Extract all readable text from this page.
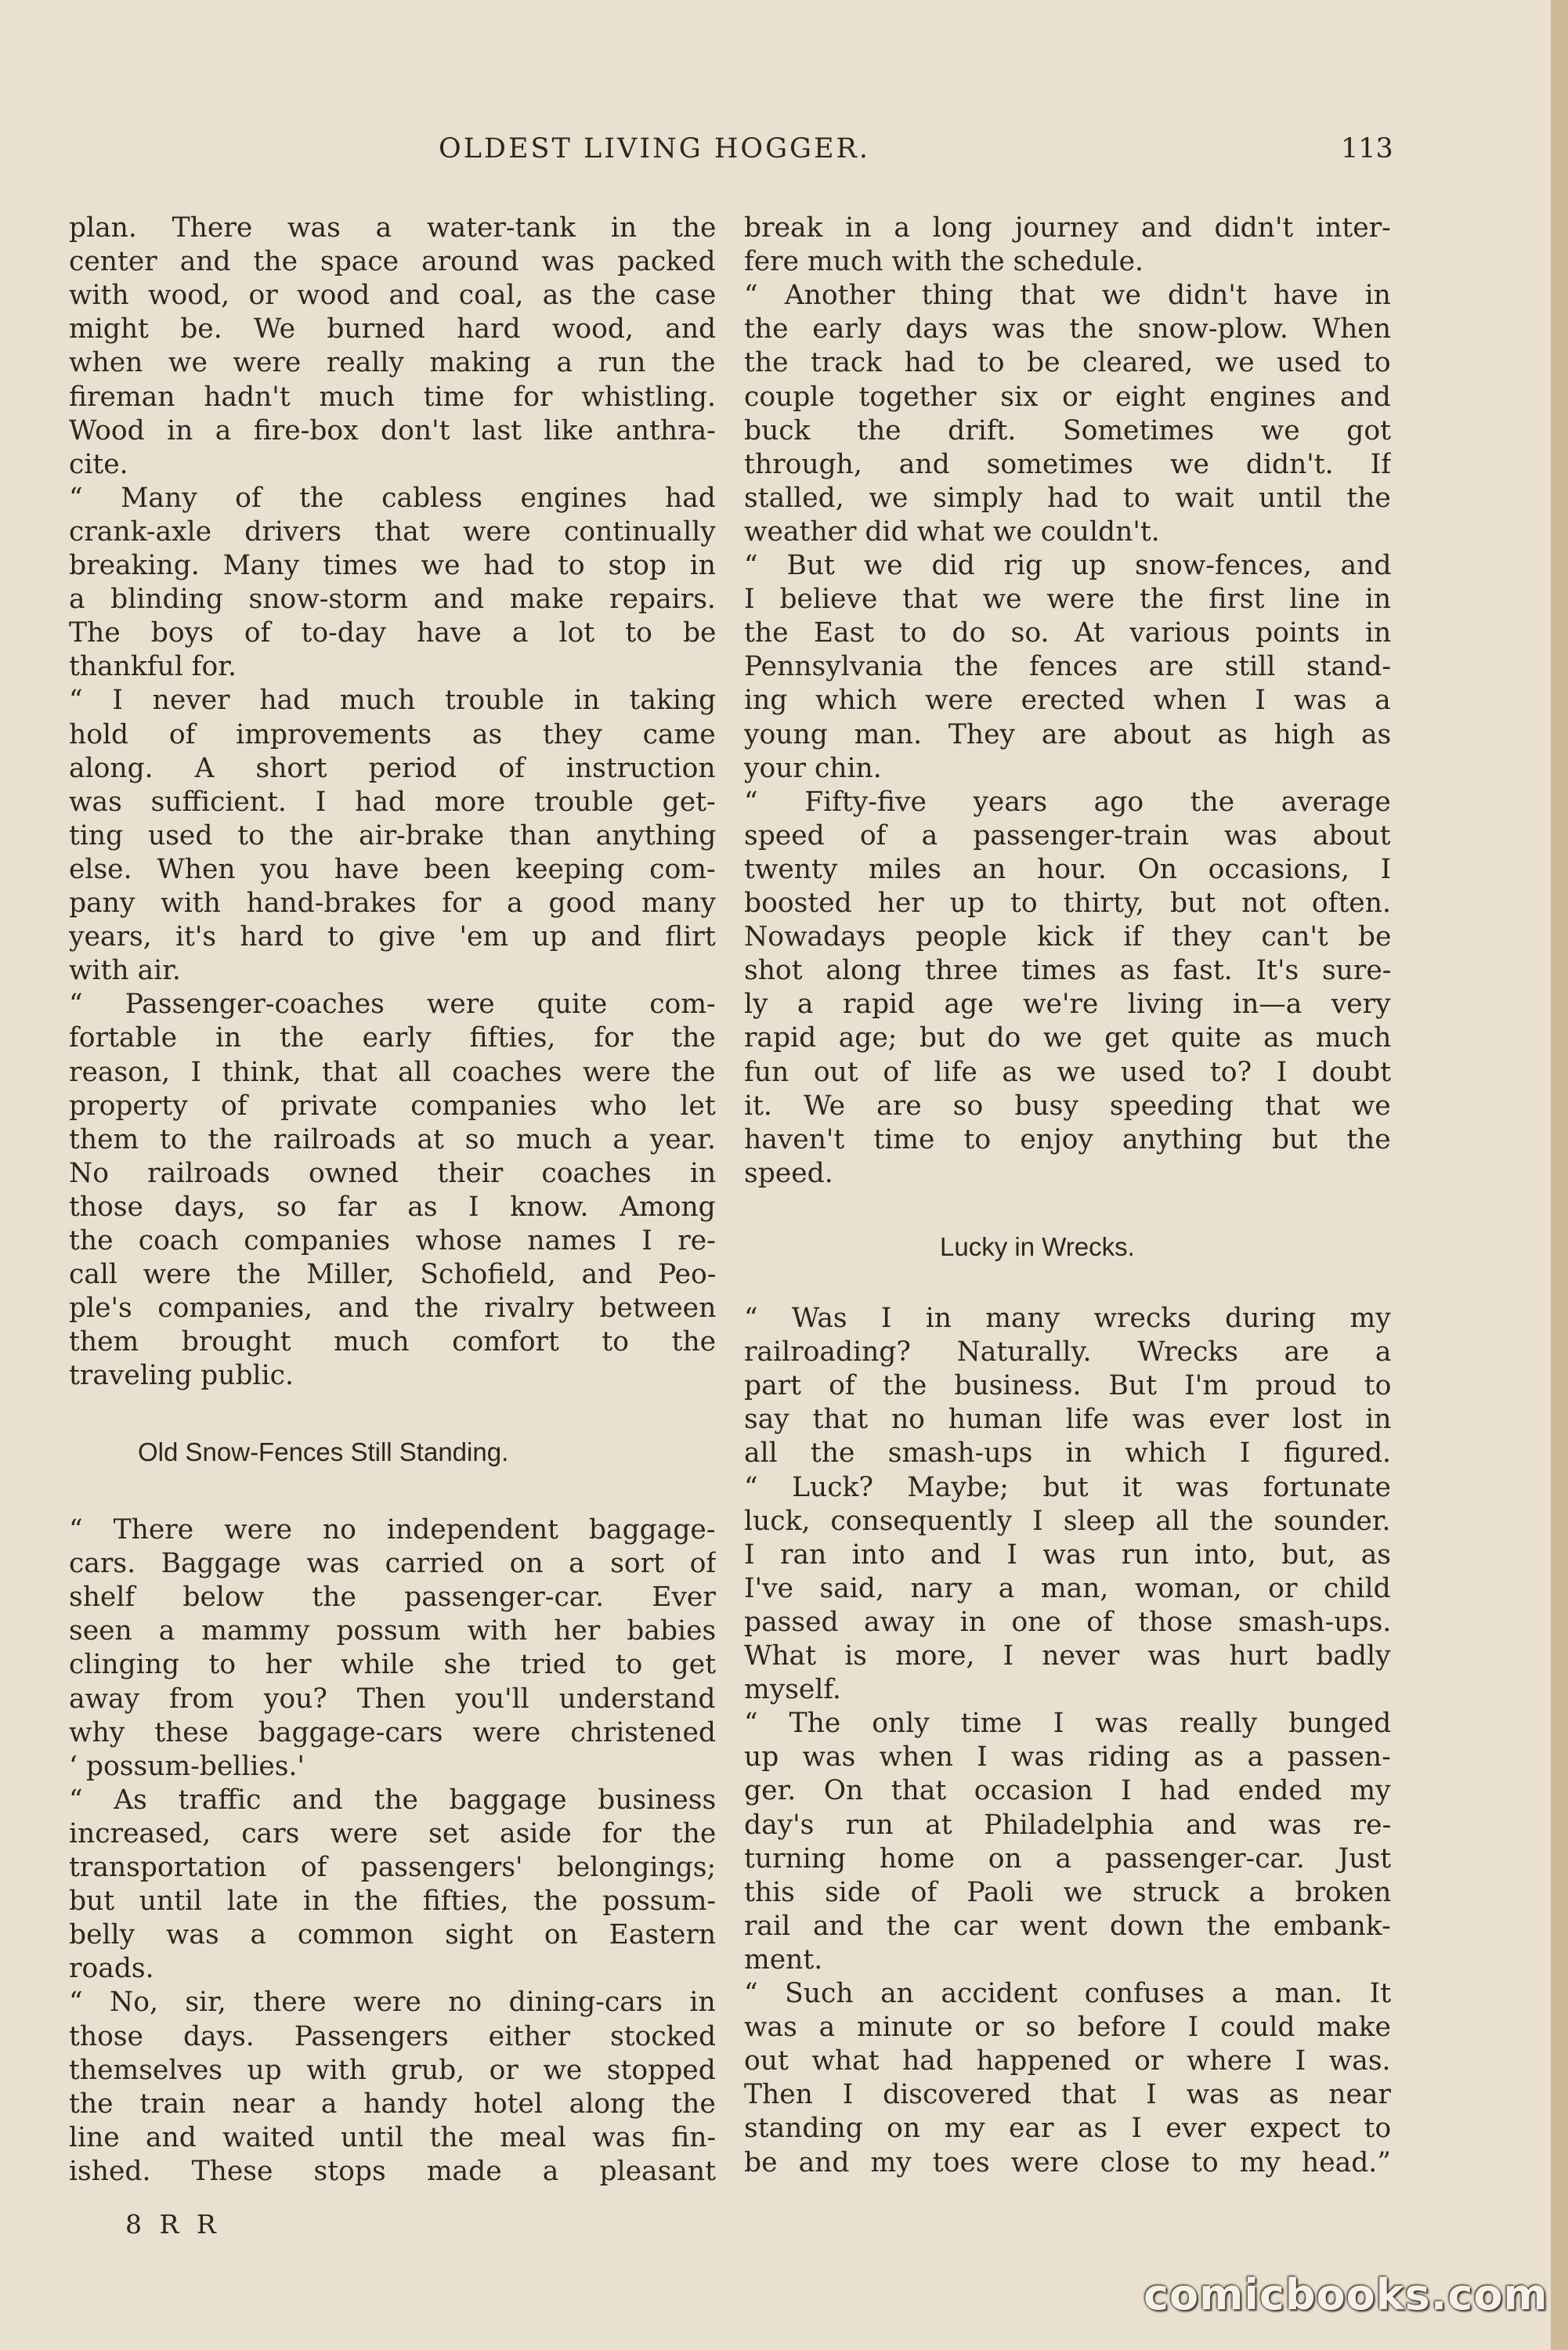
OLDEST LIVING HOGGER.	113
plan. There was a water-tank in the
center and the space around was packed
with wood, or wood and coal, as the case
might be. We burned hard wood, and
when we were really making a run the
fireman hadn't much time for whistling.
Wood in a fire-box don't last like anthra-
cite.
“ Many of the cabless engines had
crank-axle drivers that were continually
breaking. Many times we had to stop in
a blinding snow-storm and make repairs.
The boys of to-day have a lot to be
thankful for.
“ I never had much trouble in taking
hold of improvements as they came
along. A short period of instruction
was sufficient. I had more trouble get-
ting used to the air-brake than anything
else. When you have been keeping com-
pany with hand-brakes for a good many
years, it's hard to give 'em up and flirt
with air.
“ Passenger-coaches were quite com-
fortable in the early fifties, for the
reason, I think, that all coaches were the
property of private companies who let
them to the railroads at so much a year.
No railroads owned their coaches in
those days, so far as I know. Among
the coach companies whose names I re-
call were the Miller, Schofield, and Peo-
ple's companies, and the rivalry between
them brought much comfort to the
traveling public.
Old Snow-Fences Still Standing.
“ There were no independent baggage-
cars. Baggage was carried on a sort of
shelf below the passenger-car. Ever
seen a mammy possum with her babies
clinging to her while she tried to get
away from you? Then you'll understand
why these baggage-cars were christened
‘ possum-bellies.'
“ As traffic and the baggage business
increased, cars were set aside for the
transportation of passengers' belongings;
but until late in the fifties, the possum-
belly was a common sight on Eastern
roads.
“ No, sir, there were no dining-cars in
those days. Passengers either stocked
themselves up with grub, or we stopped
the train near a handy hotel along the
line and waited until the meal was fin-
ished. These stops made a pleasant
break in a long journey and didn't inter-
fere much with the schedule.
“ Another thing that we didn't have in
the early days was the snow-plow. When
the track had to be cleared, we used to
couple together six or eight engines and
buck the drift. Sometimes we got
through, and sometimes we didn't. If
stalled, we simply had to wait until the
weather did what we couldn't.
“ But we did rig up snow-fences, and
I believe that we were the first line in
the East to do so. At various points in
Pennsylvania the fences are still stand-
ing which were erected when I was a
young man. They are about as high as
your chin.
“ Fifty-five years ago the average
speed of a passenger-train was about
twenty miles an hour. On occasions, I
boosted her up to thirty, but not often.
Nowadays people kick if they can't be
shot along three times as fast. It's sure-
ly a rapid age we're living in—a very
rapid age; but do we get quite as much
fun out of life as we used to? I doubt
it. We are so busy speeding that we
haven't time to enjoy anything but the
speed.
Lucky in Wrecks.
“ Was I in many wrecks during my
railroading? Naturally. Wrecks are a
part of the business. But I'm proud to
say that no human life was ever lost in
all the smash-ups in which I figured.
“ Luck? Maybe; but it was fortunate
luck, consequently I sleep all the sounder.
I ran into and I was run into, but, as
I've said, nary a man, woman, or child
passed away in one of those smash-ups.
What is more, I never was hurt badly
myself.
“ The only time I was really bunged
up was when I was riding as a passen-
ger. On that occasion I had ended my
day's run at Philadelphia and was re-
turning home on a passenger-car. Just
this side of Paoli we struck a broken
rail and the car went down the embank-
ment.
“ Such an accident confuses a man. It
was a minute or so before I could make
out what had happened or where I was.
Then I discovered that I was as near
standing on my ear as I ever expect to
be and my toes were close to my head.”
8 R R
comicbooks.com
